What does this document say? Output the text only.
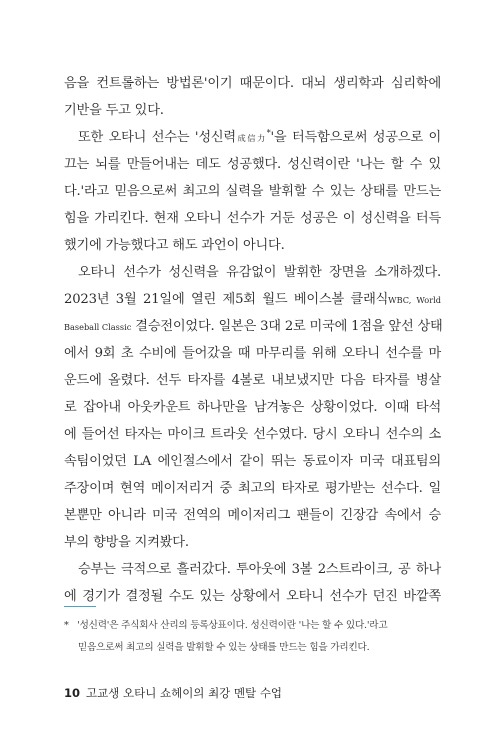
음을 컨트롤하는 방법론'이기 때문이다. 대뇌 생리학과 심리학에
기반을 두고 있다.
또한 오타니 선수는 '성신력成信力*'을 터득함으로써 성공으로 이
끄는 뇌를 만들어내는 데도 성공했다. 성신력이란 '나는 할 수 있
다.'라고 믿음으로써 최고의 실력을 발휘할 수 있는 상태를 만드는
힘을 가리킨다. 현재 오타니 선수가 거둔 성공은 이 성신력을 터득
했기에 가능했다고 해도 과언이 아니다.
오타니 선수가 성신력을 유감없이 발휘한 장면을 소개하겠다.
2023년 3월 21일에 열린 제5회 월드 베이스볼 클래식WBC, World
Baseball Classic 결승전이었다. 일본은 3대 2로 미국에 1점을 앞선 상태
에서 9회 초 수비에 들어갔을 때 마무리를 위해 오타니 선수를 마
운드에 올렸다. 선두 타자를 4볼로 내보냈지만 다음 타자를 병살
로 잡아내 아웃카운트 하나만을 남겨놓은 상황이었다. 이때 타석
에 들어선 타자는 마이크 트라웃 선수였다. 당시 오타니 선수의 소
속팀이었던 LA 에인절스에서 같이 뛰는 동료이자 미국 대표팀의
주장이며 현역 메이저리거 중 최고의 타자로 평가받는 선수다. 일
본뿐만 아니라 미국 전역의 메이저리그 팬들이 긴장감 속에서 승
부의 향방을 지켜봤다.
승부는 극적으로 흘러갔다. 투아웃에 3볼 2스트라이크, 공 하나
에 경기가 결정될 수도 있는 상황에서 오타니 선수가 던진 바깥쪽
* '성신력'은 주식회사 산리의 등록상표이다. 성신력이란 '나는 할 수 있다.'라고
믿음으로써 최고의 실력을 발휘할 수 있는 상태를 만드는 힘을 가리킨다.
10 고교생 오타니 쇼헤이의 최강 멘탈 수업
